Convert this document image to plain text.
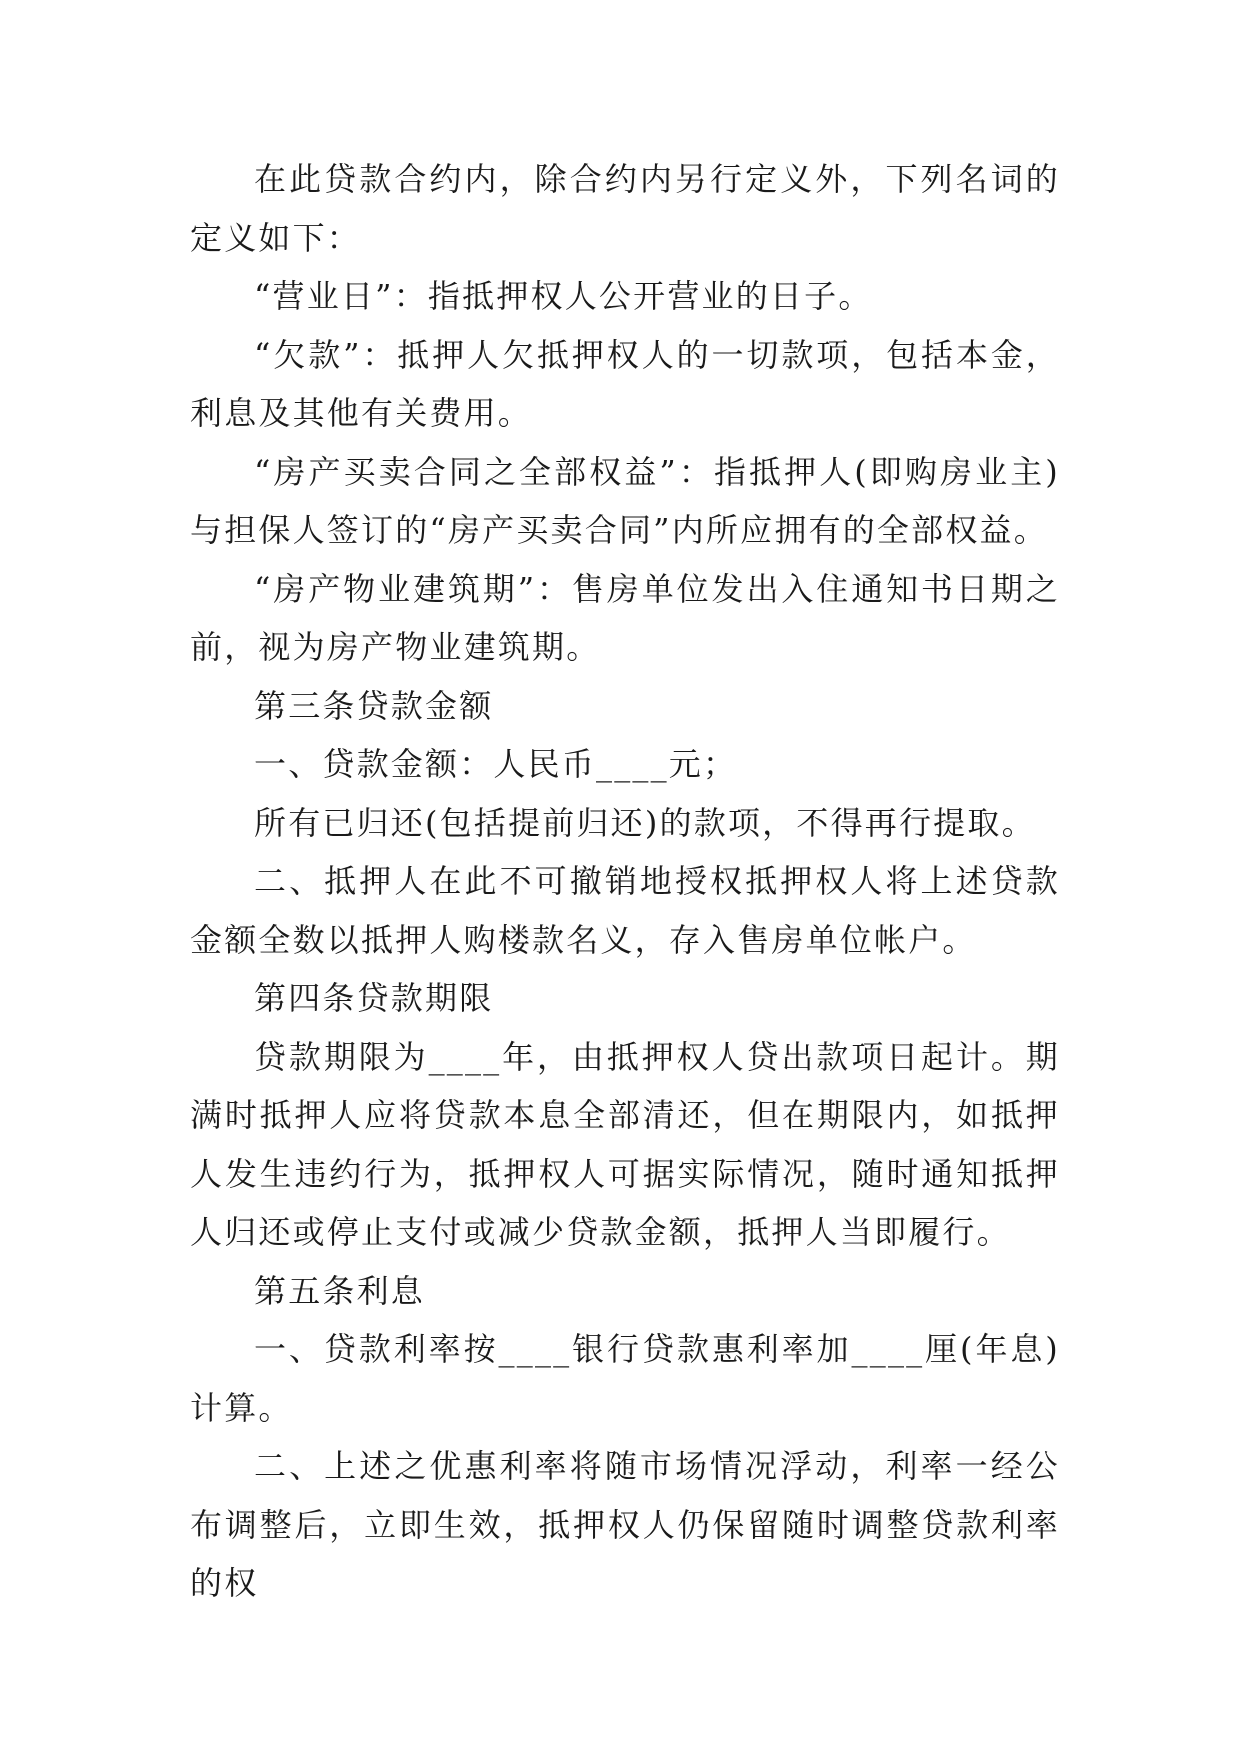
在此贷款合约内，除合约内另行定义外，下列名词的定义如下：

“营业日”：指抵押权人公开营业的日子。

“欠款”：抵押人欠抵押权人的一切款项，包括本金，利息及其他有关费用。

“房产买卖合同之全部权益”：指抵押人(即购房业主)与担保人签订的“房产买卖合同”内所应拥有的全部权益。

“房产物业建筑期”：售房单位发出入住通知书日期之前，视为房产物业建筑期。

第三条贷款金额

一、贷款金额：人民币____元；

所有已归还(包括提前归还)的款项，不得再行提取。

二、抵押人在此不可撤销地授权抵押权人将上述贷款金额全数以抵押人购楼款名义，存入售房单位帐户。

第四条贷款期限

贷款期限为____年，由抵押权人贷出款项日起计。期满时抵押人应将贷款本息全部清还，但在期限内，如抵押人发生违约行为，抵押权人可据实际情况，随时通知抵押人归还或停止支付或减少贷款金额，抵押人当即履行。

第五条利息

一、贷款利率按____银行贷款惠利率加____厘(年息)计算。

二、上述之优惠利率将随市场情况浮动，利率一经公布调整后，立即生效，抵押权人仍保留随时调整贷款利率的权
